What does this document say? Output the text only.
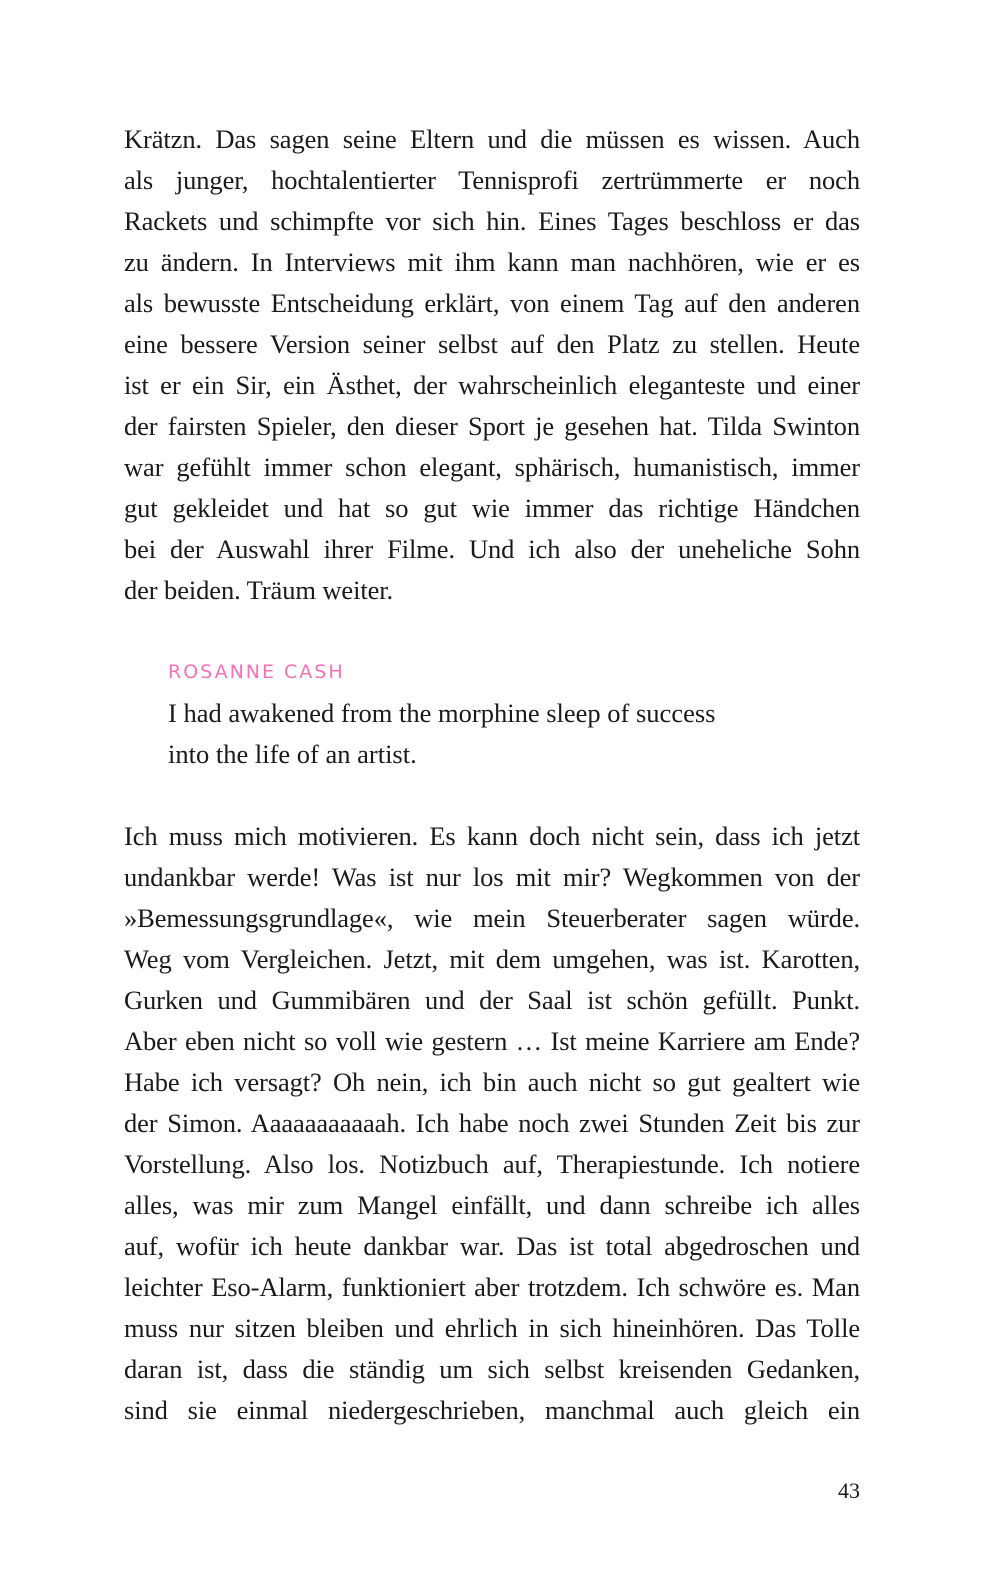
Krätzn. Das sagen seine Eltern und die müssen es wissen. Auch
als junger, hochtalentierter Tennisprofi zertrümmerte er noch
Rackets und schimpfte vor sich hin. Eines Tages beschloss er das
zu ändern. In Interviews mit ihm kann man nachhören, wie er es
als bewusste Entscheidung erklärt, von einem Tag auf den anderen
eine bessere Version seiner selbst auf den Platz zu stellen. Heute
ist er ein Sir, ein Ästhet, der wahrscheinlich eleganteste und einer
der fairsten Spieler, den dieser Sport je gesehen hat. Tilda Swinton
war gefühlt immer schon elegant, sphärisch, humanistisch, immer
gut gekleidet und hat so gut wie immer das richtige Händchen
bei der Auswahl ihrer Filme. Und ich also der uneheliche Sohn
der beiden. Träum weiter.
ROSANNE CASH
I had awakened from the morphine sleep of success
into the life of an artist.
Ich muss mich motivieren. Es kann doch nicht sein, dass ich jetzt
undankbar werde! Was ist nur los mit mir? Wegkommen von der
»Bemessungsgrundlage«, wie mein Steuerberater sagen würde.
Weg vom Vergleichen. Jetzt, mit dem umgehen, was ist. Karotten,
Gurken und Gummibären und der Saal ist schön gefüllt. Punkt.
Aber eben nicht so voll wie gestern … Ist meine Karriere am Ende?
Habe ich versagt? Oh nein, ich bin auch nicht so gut gealtert wie
der Simon. Aaaaaaaaaaah. Ich habe noch zwei Stunden Zeit bis zur
Vorstellung. Also los. Notizbuch auf, Therapiestunde. Ich notiere
alles, was mir zum Mangel einfällt, und dann schreibe ich alles
auf, wofür ich heute dankbar war. Das ist total abgedroschen und
leichter Eso-Alarm, funktioniert aber trotzdem. Ich schwöre es. Man
muss nur sitzen bleiben und ehrlich in sich hineinhören. Das Tolle
daran ist, dass die ständig um sich selbst kreisenden Gedanken,
sind sie einmal niedergeschrieben, manchmal auch gleich ein
43
